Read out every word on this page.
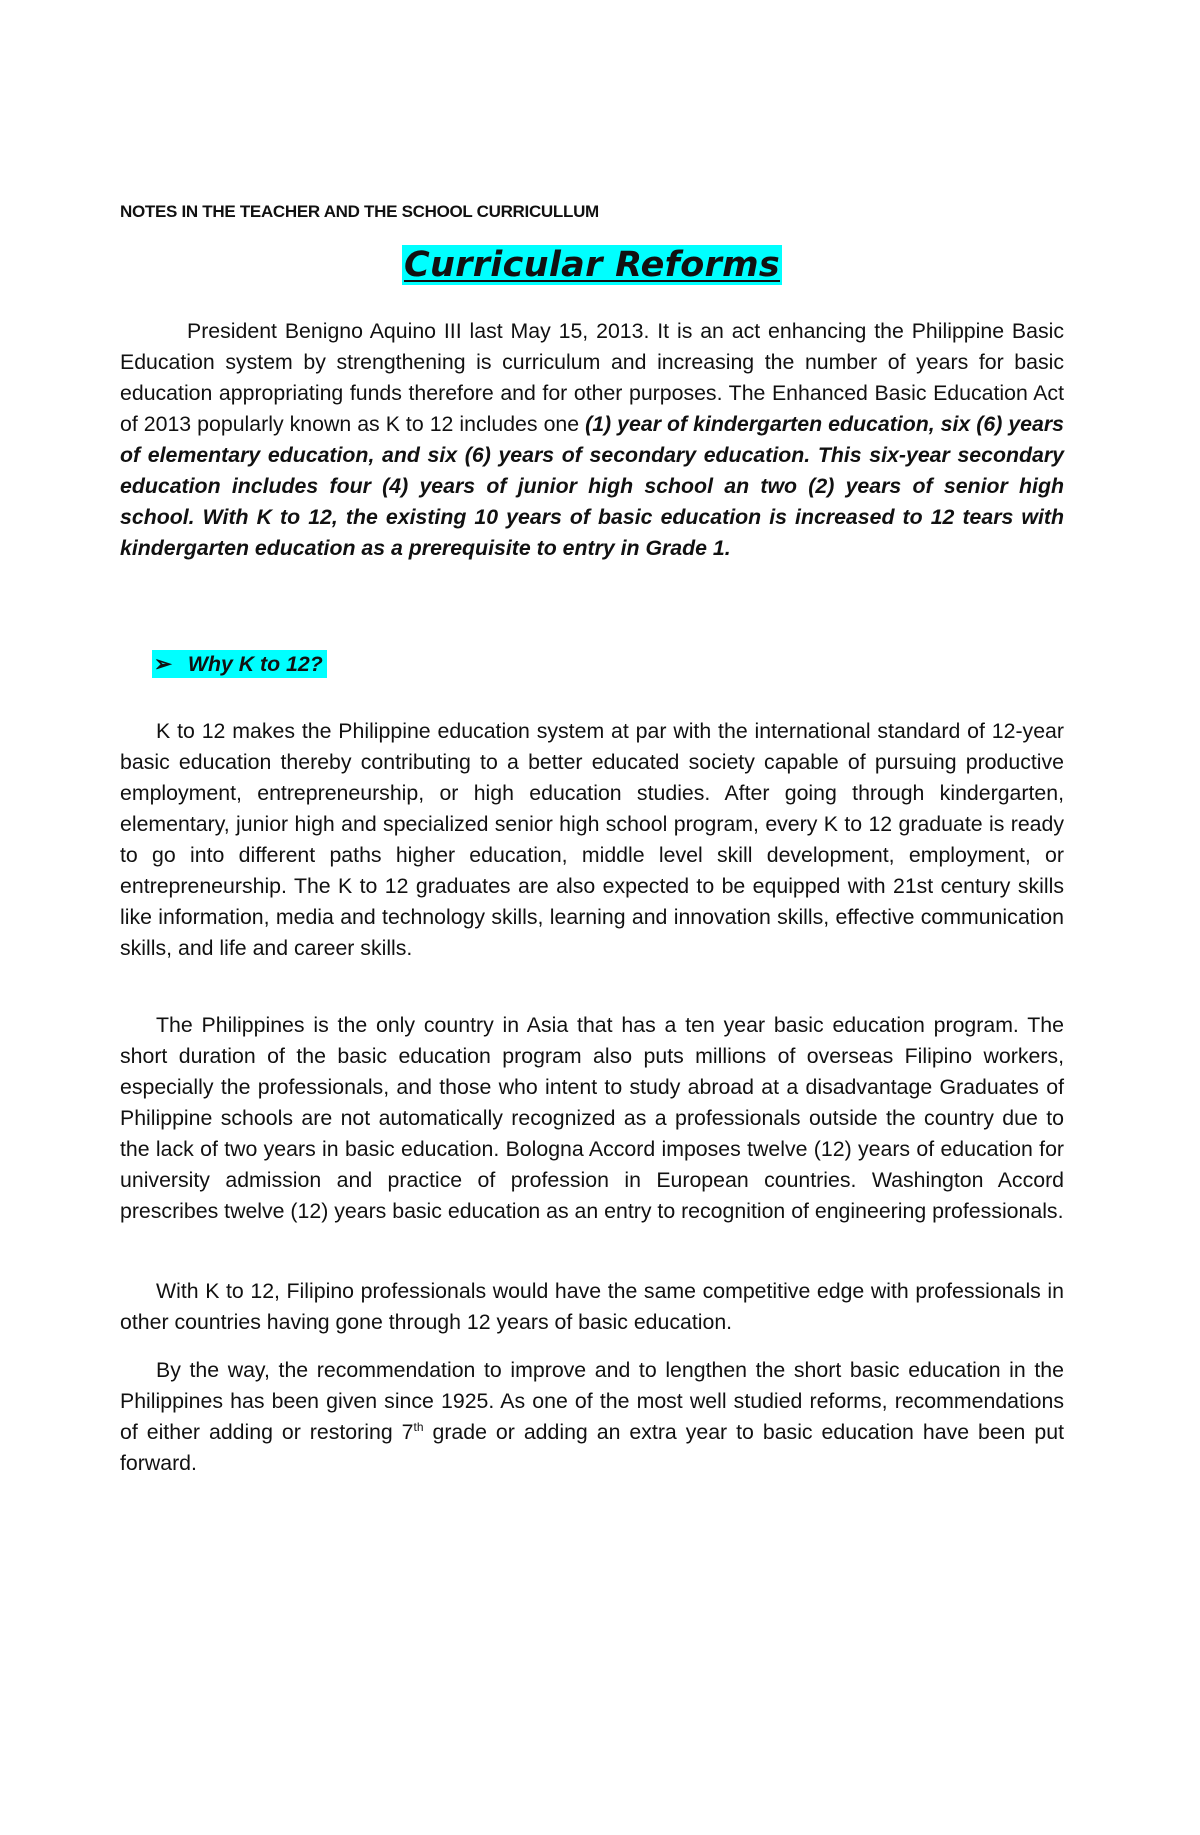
NOTES IN THE TEACHER AND THE SCHOOL CURRICULLUM

Curricular Reforms

President Benigno Aquino III last May 15, 2013. It is an act enhancing the Philippine Basic Education system by strengthening is curriculum and increasing the number of years for basic education appropriating funds therefore and for other purposes. The Enhanced Basic Education Act of 2013 popularly known as K to 12 includes one (1) year of kindergarten education, six (6) years of elementary education, and six (6) years of secondary education. This six-year secondary education includes four (4) years of junior high school an two (2) years of senior high school. With K to 12, the existing 10 years of basic education is increased to 12 tears with kindergarten education as a prerequisite to entry in Grade 1.

➢ Why K to 12?

K to 12 makes the Philippine education system at par with the international standard of 12-year basic education thereby contributing to a better educated society capable of pursuing productive employment, entrepreneurship, or high education studies. After going through kindergarten, elementary, junior high and specialized senior high school program, every K to 12 graduate is ready to go into different paths higher education, middle level skill development, employment, or entrepreneurship. The K to 12 graduates are also expected to be equipped with 21st century skills like information, media and technology skills, learning and innovation skills, effective communication skills, and life and career skills.

The Philippines is the only country in Asia that has a ten year basic education program. The short duration of the basic education program also puts millions of overseas Filipino workers, especially the professionals, and those who intent to study abroad at a disadvantage Graduates of Philippine schools are not automatically recognized as a professionals outside the country due to the lack of two years in basic education. Bologna Accord imposes twelve (12) years of education for university admission and practice of profession in European countries. Washington Accord prescribes twelve (12) years basic education as an entry to recognition of engineering professionals.

With K to 12, Filipino professionals would have the same competitive edge with professionals in other countries having gone through 12 years of basic education.

By the way, the recommendation to improve and to lengthen the short basic education in the Philippines has been given since 1925. As one of the most well studied reforms, recommendations of either adding or restoring 7th grade or adding an extra year to basic education have been put forward.
